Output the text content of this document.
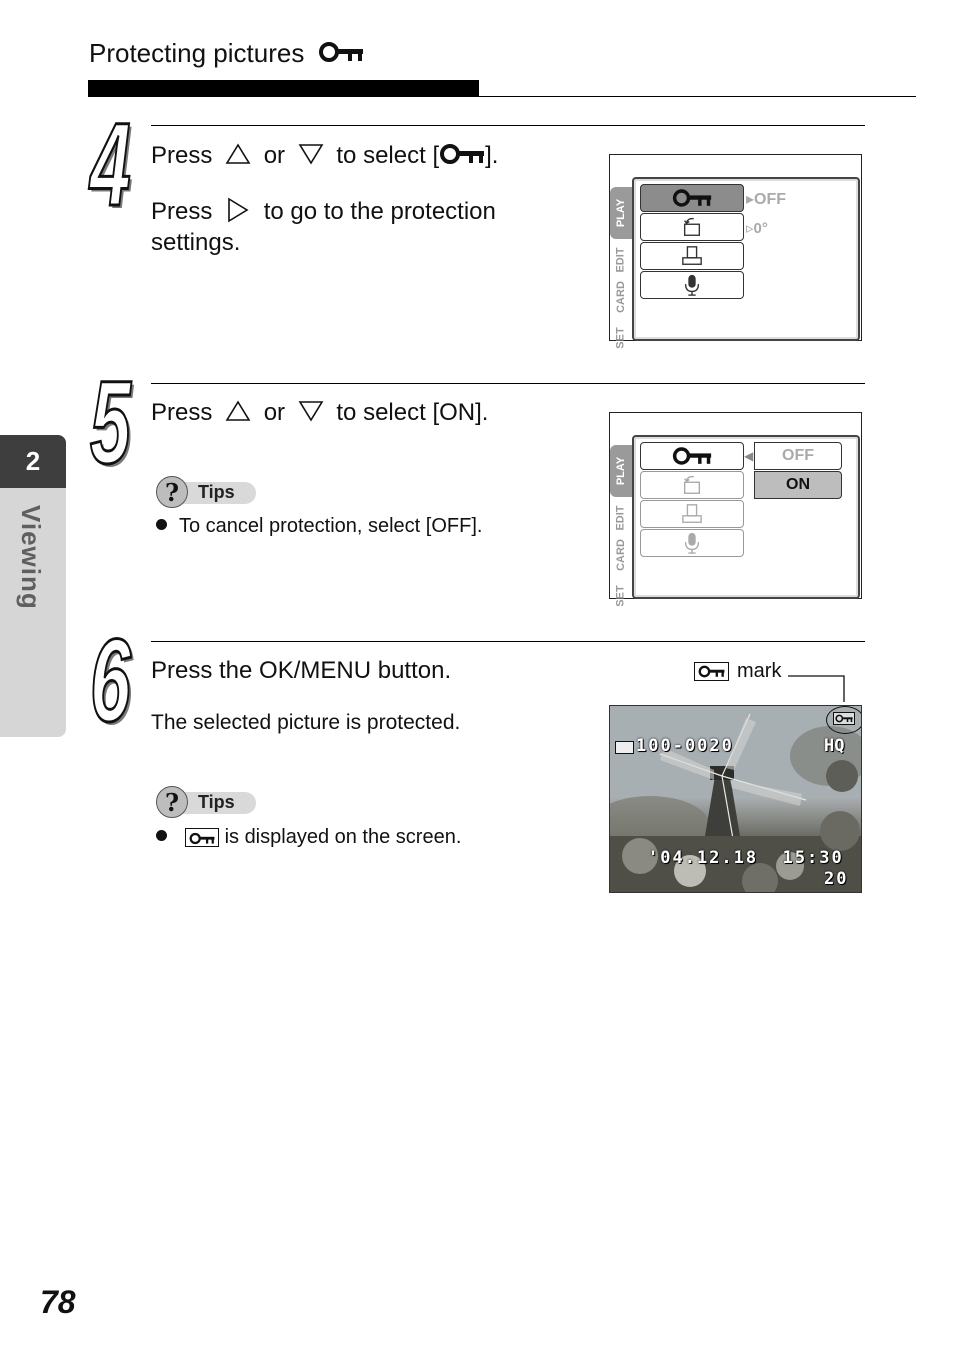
Protecting pictures
2
Viewing
4 Press or to select [ ].
Press to go to the protection
settings.
PLAY
EDIT
CARD
SET
▸OFF
▹0°
5 Press or to select [ON].
?	Tips
To cancel protection, select [OFF].
PLAY
EDIT
CARD
SET
◀	OFF
ON
6 Press the OK/MENU button.
The selected picture is protected.
?	Tips
is displayed on the screen.
mark
100-0020	HQ
'04.12.18  15:30
20
78
